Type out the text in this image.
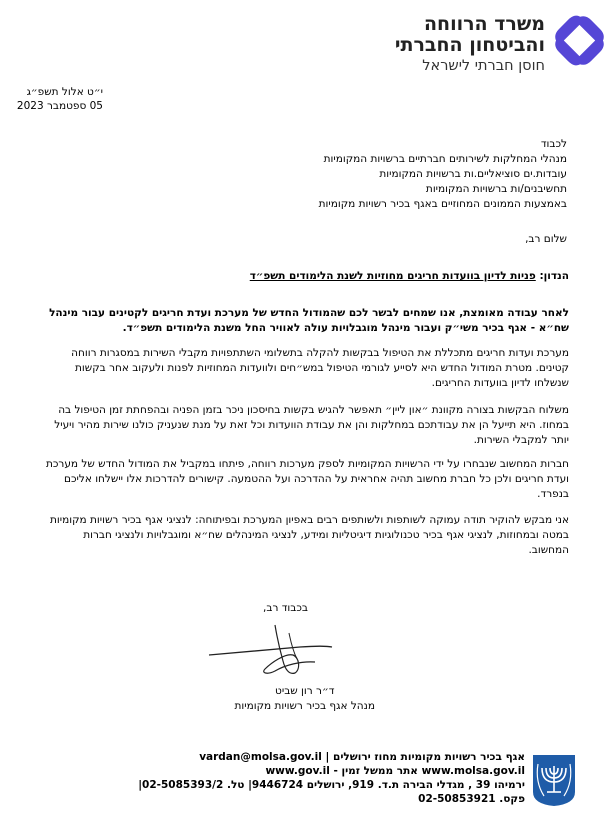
משרד הרווחה
והביטחון החברתי
חוסן חברתי לישראל
י״ט אלול תשפ״ג
05 ספטמבר 2023
לכבוד
מנהלי המחלקות לשירותים חברתיים ברשויות המקומיות
עובדות.ים סוציאליים.ות ברשויות המקומיות
תחשיבנים/ות ברשויות המקומיות
באמצעות הממונים המחוזיים באגף בכיר רשויות מקומיות
שלום רב,
הנדון: פניות לדיון בוועדות חריגים מחוזיות לשנת הלימודים תשפ״ד
לאחר עבודה מאומצת, אנו שמחים לבשר לכם שהמודול החדש של מערכת ועדת חריגים לקטינים עבור מינהל שח״א - אגף בכיר משי״ק ועבור מינהל מוגבלויות עולה לאוויר החל משנת הלימודים תשפ״ד.
מערכת ועדות חריגים מתכללת את הטיפול בבקשות להקלה בתשלומי השתתפויות מקבלי השירות במסגרות רווחה קטינים. מטרת המודול החדש היא לסייע לגורמי הטיפול במש״חים ולוועדות המחוזיות לפנות ולעקוב אחר בקשות שנשלחו לדיון בוועדות החריגים.
משלוח הבקשות בצורה מקוונת ״און ליין״ תאפשר להגיש בקשות בחיסכון ניכר בזמן הפניה ובהפחתת זמן הטיפול בה במחוז. היא תייעל הן את עבודתכם במחלקות והן את עבודת הוועדות וכל זאת על מנת שנעניק כולנו שירות מהיר ויעיל יותר למקבלי השירות.
חברות המחשוב שנבחרו על ידי הרשויות המקומיות לספק מערכות רווחה, פיתחו במקביל את המודול החדש של מערכת ועדת חריגים ולכן כל חברת מחשוב תהיה אחראית על ההדרכה ועל ההטמעה. קישורים להדרכות אלו יישלחו אליכם בנפרד.
אני מבקש להוקיר תודה עמוקה לשותפות ולשותפים רבים באפיון המערכת ובפיתוחה: לנציגי אגף בכיר רשויות מקומיות במטה ובמחוזות, לנציגי אגף בכיר טכנולוגיות דיגיטליות ומידע, לנציגי המינהלים שח״א ומוגבלויות ולנציגי חברות המחשוב.
בכבוד רב,
ד״ר רון שביט
מנהל אגף בכיר רשויות מקומיות
אגף בכיר רשויות מקומיות מחוז ירושלים | vardan@molsa.gov.il
www.molsa.gov.il אתר ממשל זמין - www.gov.il
ירמיהו 39 , מגדלי הבירה ת.ד. 919, ירושלים 9446724| טל. 02-5085393/2|
פקס. 02-50853921
